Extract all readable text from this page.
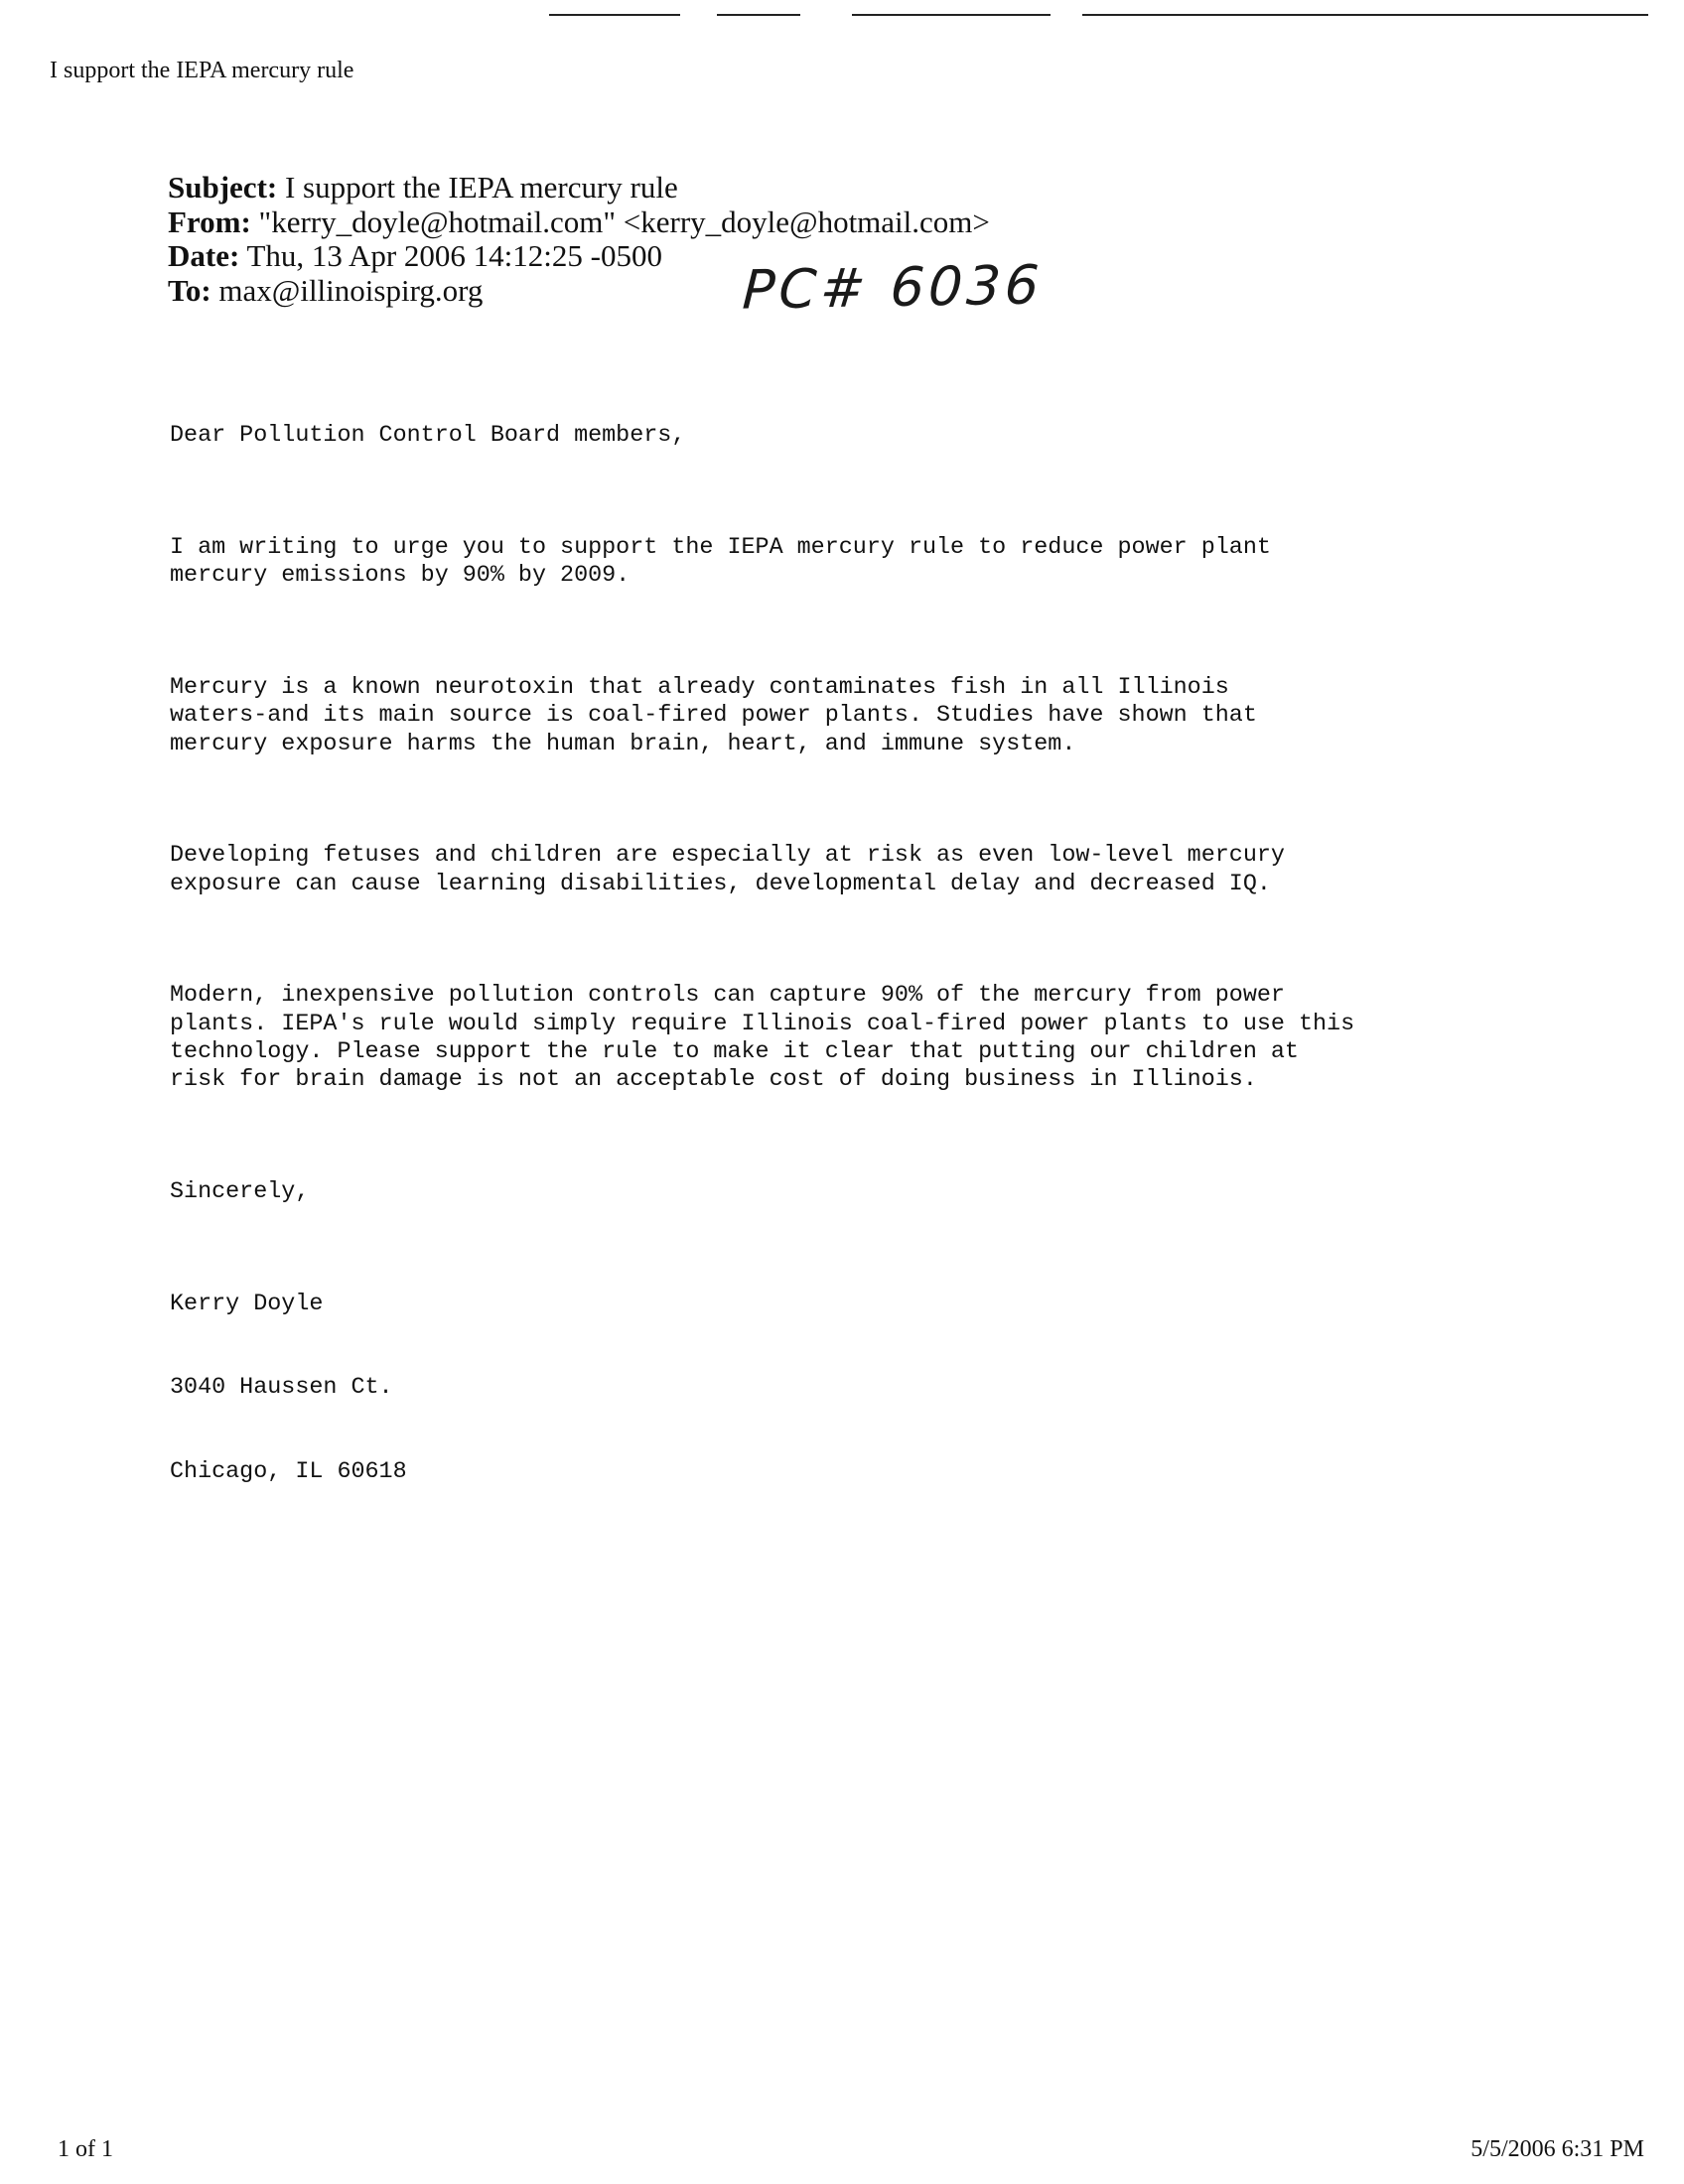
I support the IEPA mercury rule
Subject: I support the IEPA mercury rule
From: "kerry_doyle@hotmail.com" <kerry_doyle@hotmail.com>
Date: Thu, 13 Apr 2006 14:12:25 -0500
To: max@illinoispirg.org	PC# 6036

Dear Pollution Control Board members,

I am writing to urge you to support the IEPA mercury rule to reduce power plant
mercury emissions by 90% by 2009.

Mercury is a known neurotoxin that already contaminates fish in all Illinois
waters-and its main source is coal-fired power plants. Studies have shown that
mercury exposure harms the human brain, heart, and immune system.

Developing fetuses and children are especially at risk as even low-level mercury
exposure can cause learning disabilities, developmental delay and decreased IQ.

Modern, inexpensive pollution controls can capture 90% of the mercury from power
plants. IEPA's rule would simply require Illinois coal-fired power plants to use this
technology. Please support the rule to make it clear that putting our children at
risk for brain damage is not an acceptable cost of doing business in Illinois.

Sincerely,

Kerry Doyle

3040 Haussen Ct.

Chicago, IL 60618

1 of 1	5/5/2006 6:31 PM
